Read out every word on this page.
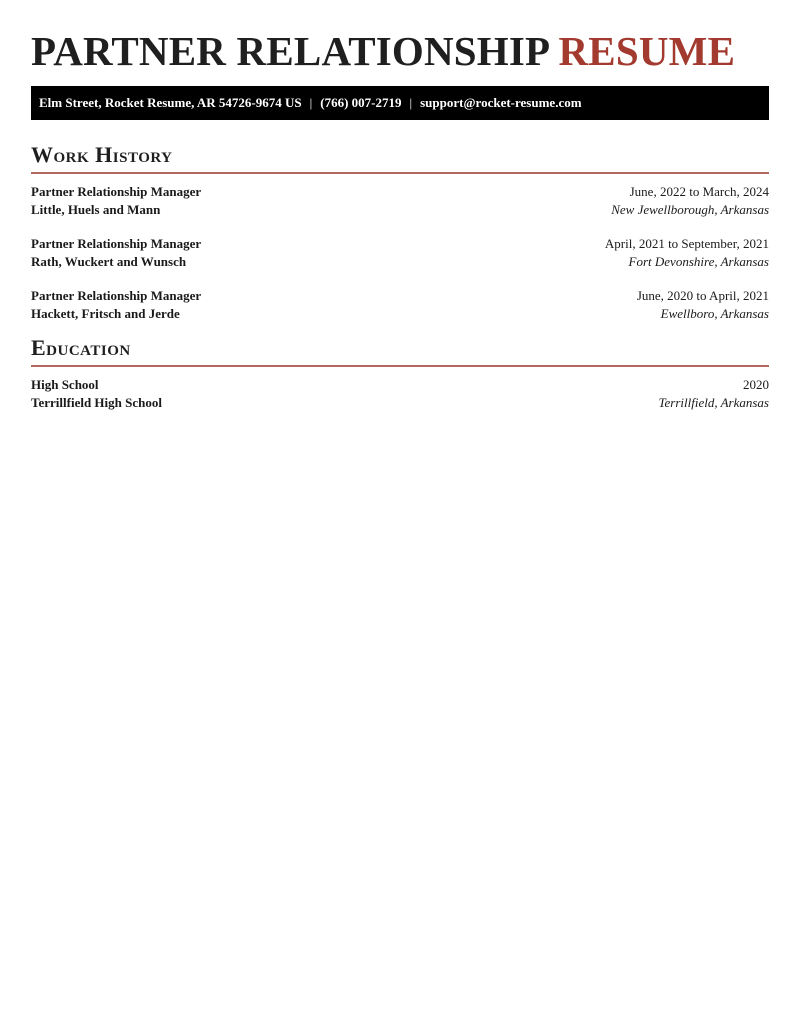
PARTNER RELATIONSHIP RESUME
Elm Street, Rocket Resume, AR 54726-9674 US | (766) 007-2719 | support@rocket-resume.com
Work History
Partner Relationship Manager	June, 2022 to March, 2024
Little, Huels and Mann	New Jewellborough, Arkansas
Partner Relationship Manager	April, 2021 to September, 2021
Rath, Wuckert and Wunsch	Fort Devonshire, Arkansas
Partner Relationship Manager	June, 2020 to April, 2021
Hackett, Fritsch and Jerde	Ewellboro, Arkansas
Education
High School	2020
Terrillfield High School	Terrillfield, Arkansas
